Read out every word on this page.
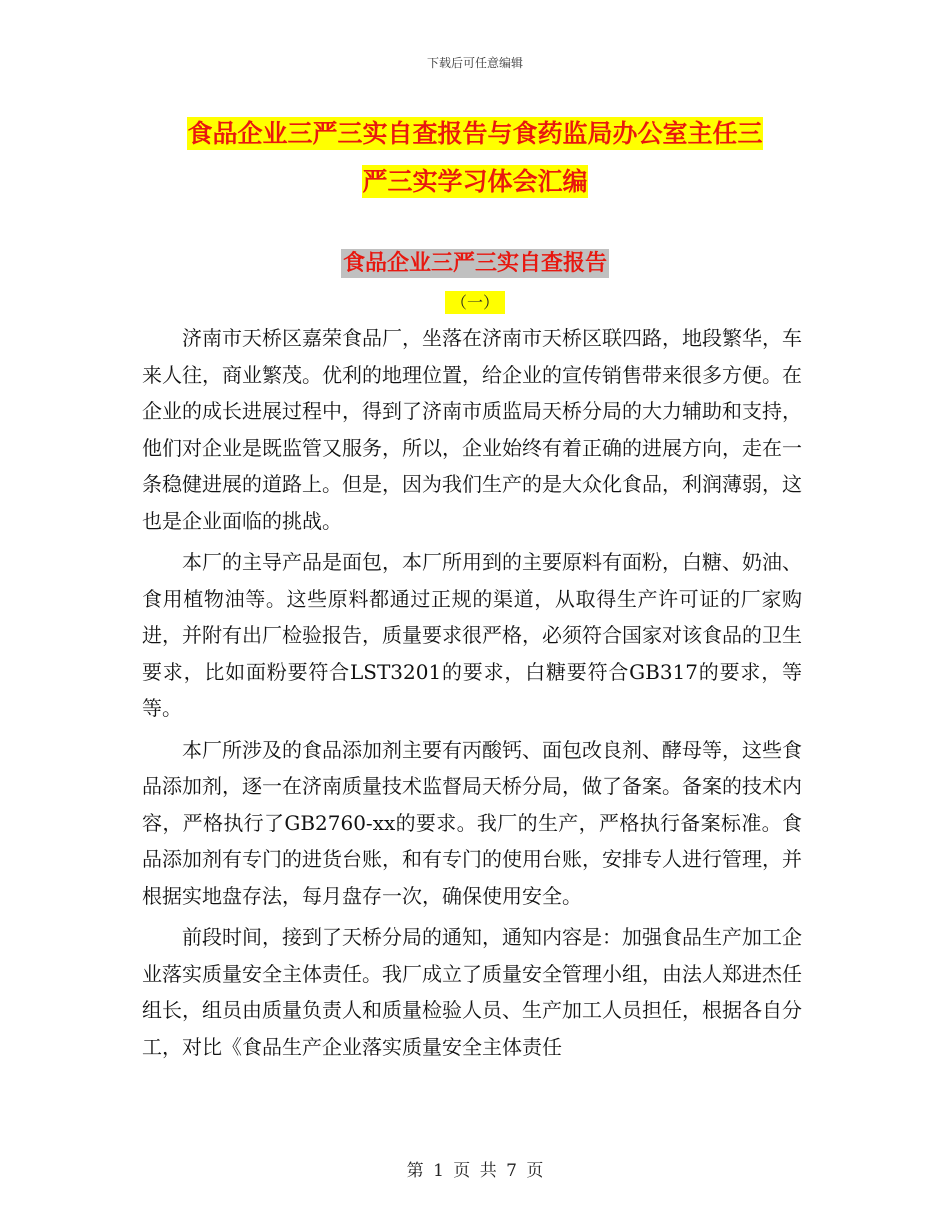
下载后可任意编辑
食品企业三严三实自查报告与食药监局办公室主任三
严三实学习体会汇编
食品企业三严三实自查报告
（一）

济南市天桥区嘉荣食品厂，坐落在济南市天桥区联四路，地段繁华，车来人往，商业繁茂。优利的地理位置，给企业的宣传销售带来很多方便。在企业的成长进展过程中，得到了济南市质监局天桥分局的大力辅助和支持，他们对企业是既监管又服务，所以，企业始终有着正确的进展方向，走在一条稳健进展的道路上。但是，因为我们生产的是大众化食品，利润薄弱，这也是企业面临的挑战。

本厂的主导产品是面包，本厂所用到的主要原料有面粉，白糖、奶油、食用植物油等。这些原料都通过正规的渠道，从取得生产许可证的厂家购进，并附有出厂检验报告，质量要求很严格，必须符合国家对该食品的卫生要求，比如面粉要符合LST3201的要求，白糖要符合GB317的要求，等等。

本厂所涉及的食品添加剂主要有丙酸钙、面包改良剂、酵母等，这些食品添加剂，逐一在济南质量技术监督局天桥分局，做了备案。备案的技术内容，严格执行了GB2760-xx的要求。我厂的生产，严格执行备案标准。食品添加剂有专门的进货台账，和有专门的使用台账，安排专人进行管理，并根据实地盘存法，每月盘存一次，确保使用安全。

前段时间，接到了天桥分局的通知，通知内容是：加强食品生产加工企业落实质量安全主体责任。我厂成立了质量安全管理小组，由法人郑进杰任组长，组员由质量负责人和质量检验人员、生产加工人员担任，根据各自分工，对比《食品生产企业落实质量安全主体责任

第 1 页 共 7 页
